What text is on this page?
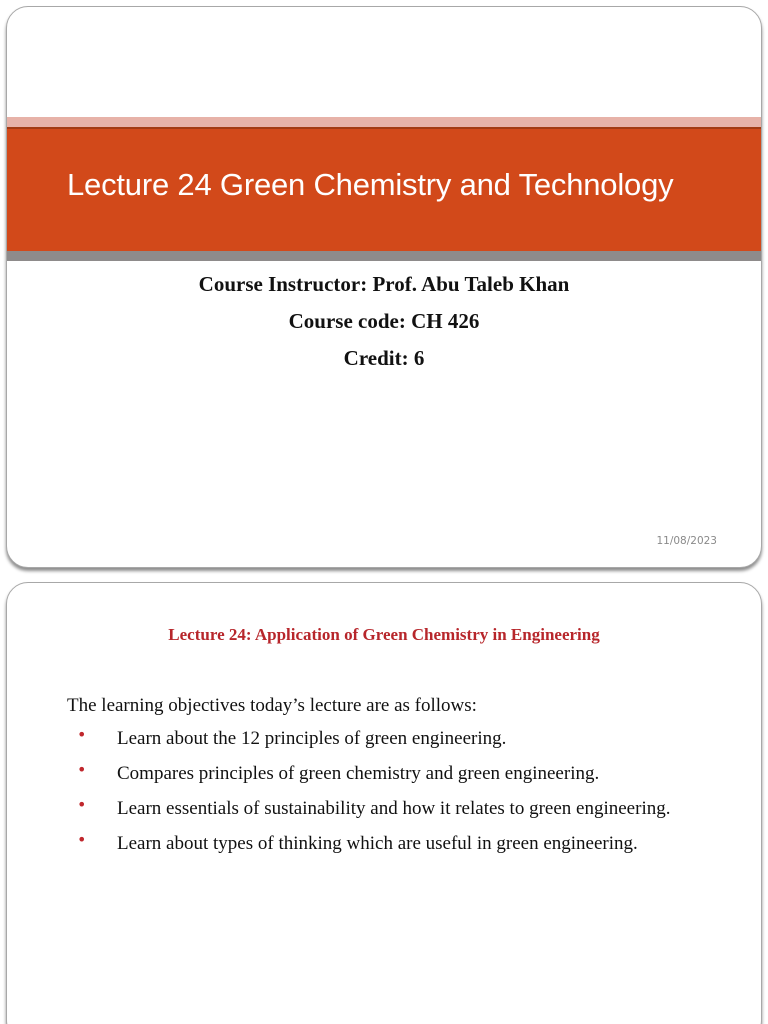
Lecture 24 Green Chemistry and Technology
Course Instructor: Prof. Abu Taleb Khan
Course code: CH 426
Credit: 6
11/08/2023
Lecture 24: Application of Green Chemistry in Engineering
The learning objectives today’s lecture are as follows:
• Learn about the 12 principles of green engineering.
• Compares principles of green chemistry and green engineering.
• Learn essentials of sustainability and how it relates to green engineering.
• Learn about types of thinking which are useful in green engineering.
